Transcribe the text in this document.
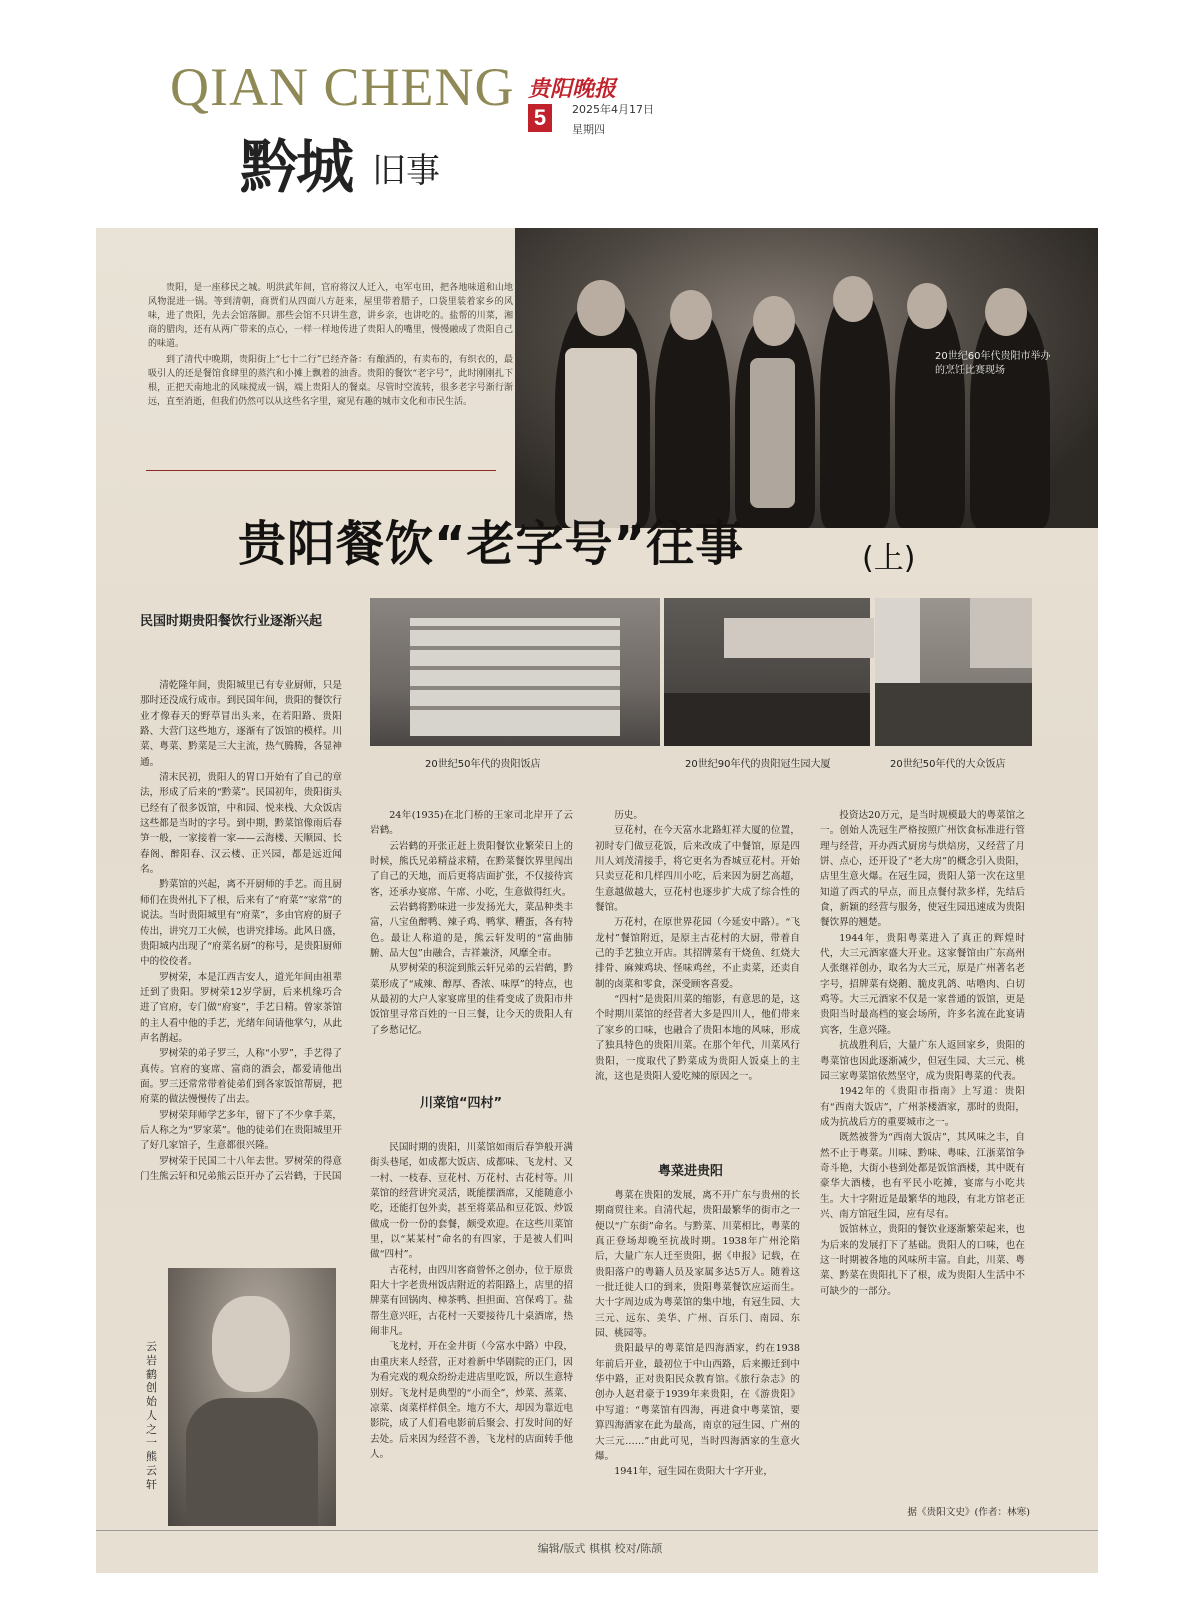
QIAN CHENG
黔城 旧事
贵阳晚报
5	2025年4月17日
星期四
20世纪60年代贵阳市举办的烹饪比赛现场

贵阳，是一座移民之城。明洪武年间，官府将汉人迁入，屯军屯田，把各地味道和山地风物混进一锅。等到清朝，商贾们从四面八方赶来，屋里带着腊子，口袋里装着家乡的风味，进了贵阳，先去会馆落脚。那些会馆不只讲生意，讲乡亲，也讲吃的。盐帮的川菜，湘商的腊肉，还有从两广带来的点心，一样一样地传进了贵阳人的嘴里，慢慢融成了贵阳自己的味道。

到了清代中晚期，贵阳街上“七十二行”已经齐备：有酿酒的，有卖布的，有织衣的，最吸引人的还是餐馆食肆里的蒸汽和小摊上飘着的油香。贵阳的餐饮“老字号”，此时刚刚扎下根，正把天南地北的风味搅成一锅，端上贵阳人的餐桌。尽管时空流转，很多老字号渐行渐远，直至消逝，但我们仍然可以从这些名字里，窥见有趣的城市文化和市民生活。

贵阳餐饮“老字号”往事	(上)
20世纪50年代的贵阳饭店	20世纪90年代的贵阳冠生园大厦	20世纪50年代的大众饭店
民国时期贵阳餐饮行业逐渐兴起
川菜馆“四村”
粤菜进贵阳

清乾隆年间，贵阳城里已有专业厨师，只是那时还没成行成市。到民国年间，贵阳的餐饮行业才像春天的野草冒出头来，在若阳路、贵阳路、大营门这些地方，逐渐有了饭馆的模样。川菜、粤菜、黔菜是三大主流，热气腾腾，各显神通。

清末民初，贵阳人的胃口开始有了自己的章法，形成了后来的“黔菜”。民国初年，贵阳街头已经有了很多饭馆，中和园、悦来栈、大众饭店这些都是当时的字号。到中期，黔菜馆像雨后春笋一般，一家接着一家——云海楼、天顺园、长春阁、醉阳春、汉云楼、正兴园，都是远近闻名。

黔菜馆的兴起，离不开厨师的手艺。而且厨师们在贵州扎下了根，后来有了“府菜”“家常”的说法。当时贵阳城里有“府菜”，多由官府的厨子传出，讲究刀工火候，也讲究排场。此风日盛，贵阳城内出现了“府菜名厨”的称号，是贵阳厨师中的佼佼者。

罗树荣，本是江西吉安人，道光年间由祖辈迁到了贵阳。罗树荣12岁学厨，后来机缘巧合进了官府，专门做“府宴”，手艺日精。曾家茶馆的主人看中他的手艺，光绪年间请他掌勺，从此声名鹊起。

罗树荣的弟子罗三，人称“小罗”，手艺得了真传。官府的宴席、富商的酒会，都爱请他出面。罗三还常常带着徒弟们到各家饭馆帮厨，把府菜的做法慢慢传了出去。

罗树荣拜师学艺多年，留下了不少拿手菜，后人称之为“罗家菜”。他的徒弟们在贵阳城里开了好几家馆子，生意都很兴隆。

罗树荣于民国二十八年去世。罗树荣的得意门生熊云轩和兄弟熊云臣开办了云岩鹤，于民国

云岩鹤创始人之一熊云轩

24年(1935)在北门桥的王家司北岸开了云岩鹤。

云岩鹤的开张正赶上贵阳餐饮业繁荣日上的时候，熊氏兄弟精益求精，在黔菜餐饮界里闯出了自己的天地，而后更将店面扩张，不仅接待宾客，还承办宴席、午席、小吃，生意做得红火。

云岩鹤将黔味进一步发扬光大，菜品种类丰富，八宝鱼醉鸭、辣子鸡、鸭掌、糟蛋，各有特色。最让人称道的是，熊云轩发明的“富曲肺腑、品大包”由融合，吉祥兼济，风靡全市。

从罗树荣的积淀到熊云轩兄弟的云岩鹤，黔菜形成了“咸辣、醇厚、香浓、味厚”的特点，也从最初的大户人家宴席里的佳肴变成了贵阳市井饭馆里寻常百姓的一日三餐，让今天的贵阳人有了乡愁记忆。

民国时期的贵阳，川菜馆如雨后春笋般开满街头巷尾，如成都大饭店、成都味、飞龙村、又一村、一枝春、豆花村、万花村、古花村等。川菜馆的经营讲究灵活，既能摆酒席，又能随意小吃，还能打包外卖，甚至将菜品和豆花饭、炒饭做成一份一份的套餐，颇受欢迎。在这些川菜馆里，以“某某村”命名的有四家，于是被人们叫做“四村”。

古花村，由四川客商曾怀之创办，位于原贵阳大十字老贵州饭店附近的若阳路上，店里的招牌菜有回锅肉、樟茶鸭、担担面、宫保鸡丁。盐帮生意兴旺，古花村一天要接待几十桌酒席，热闹非凡。

飞龙村，开在金井街（今富水中路）中段，由重庆来人经营，正对着新中华剧院的正门，因为看完戏的观众纷纷走进店里吃饭，所以生意特别好。飞龙村是典型的“小而全”，炒菜、蒸菜、凉菜、卤菜样样俱全。地方不大，却因为靠近电影院，成了人们看电影前后聚会、打发时间的好去处。后来因为经营不善，飞龙村的店面转手他人。

历史。

豆花村，在今天富水北路虹祥大厦的位置，初时专门做豆花饭，后来改成了中餐馆，原是四川人刘茂清接手，将它更名为香城豆花村。开始只卖豆花和几样四川小吃，后来因为厨艺高超，生意越做越大，豆花村也逐步扩大成了综合性的餐馆。

万花村，在原世界花园（今延安中路）。“飞龙村”餐馆附近，是原主古花村的大厨，带着自己的手艺独立开店。其招牌菜有干烧鱼、红烧大排骨、麻辣鸡块、怪味鸡丝，不止卖菜，还卖自制的卤菜和零食，深受顾客喜爱。

“四村”是贵阳川菜的缩影，有意思的是，这个时期川菜馆的经营者大多是四川人，他们带来了家乡的口味，也融合了贵阳本地的风味，形成了独具特色的贵阳川菜。在那个年代，川菜风行贵阳，一度取代了黔菜成为贵阳人饭桌上的主流，这也是贵阳人爱吃辣的原因之一。

粤菜在贵阳的发展，离不开广东与贵州的长期商贸往来。自清代起，贵阳最繁华的街市之一便以“广东街”命名。与黔菜、川菜相比，粤菜的真正登场却晚至抗战时期。1938年广州沦陷后，大量广东人迁至贵阳，据《申报》记载，在贵阳落户的粤籍人员及家属多达5万人。随着这一批迁徙人口的到来，贵阳粤菜餐饮应运而生。大十字周边成为粤菜馆的集中地，有冠生园、大三元、远东、美华、广州、百乐门、南园、东园、桃园等。

贵阳最早的粤菜馆是四海酒家，约在1938年前后开业，最初位于中山西路，后来搬迁到中华中路，正对贵阳民众教育馆。《旅行杂志》的创办人赵君豪于1939年来贵阳，在《游贵阳》中写道：“粤菜馆有四海，再进食中粤菜馆，要算四海酒家在此为最高，南京的冠生园、广州的大三元……”由此可见，当时四海酒家的生意火爆。

1941年，冠生园在贵阳大十字开业，

投资达20万元，是当时规模最大的粤菜馆之一。创始人冼冠生严格按照广州饮食标准进行管理与经营，开办西式厨房与烘焙房，又经营了月饼、点心，还开设了“老大房”的概念引入贵阳，店里生意火爆。在冠生园，贵阳人第一次在这里知道了西式的早点，而且点餐付款多样，先结后食，新颖的经营与服务，使冠生园迅速成为贵阳餐饮界的翘楚。

1944年，贵阳粤菜进入了真正的辉煌时代，大三元酒家盛大开业。这家餐馆由广东高州人张继祥创办，取名为大三元，原是广州著名老字号，招牌菜有烧鹅、脆皮乳鸽、咕噜肉、白切鸡等。大三元酒家不仅是一家普通的饭馆，更是贵阳当时最高档的宴会场所，许多名流在此宴请宾客，生意兴隆。

抗战胜利后，大量广东人返回家乡，贵阳的粤菜馆也因此逐渐减少，但冠生园、大三元、桃园三家粤菜馆依然坚守，成为贵阳粤菜的代表。

1942年的《贵阳市指南》上写道：贵阳有“西南大饭店”，广州茶楼酒家，那时的贵阳，成为抗战后方的重要城市之一。

既然被誉为“西南大饭店”，其风味之丰，自然不止于粤菜。川味、黔味、粤味、江浙菜馆争奇斗艳，大街小巷到处都是饭馆酒楼，其中既有豪华大酒楼，也有平民小吃摊，宴席与小吃共生。大十字附近是最繁华的地段，有北方馆老正兴、南方馆冠生园，应有尽有。

饭馆林立，贵阳的餐饮业逐渐繁荣起来，也为后来的发展打下了基础。贵阳人的口味，也在这一时期被各地的风味所丰富。自此，川菜、粤菜、黔菜在贵阳扎下了根，成为贵阳人生活中不可缺少的一部分。

据《贵阳文史》(作者：林寒)
编辑/版式 棋棋 校对/陈颉
